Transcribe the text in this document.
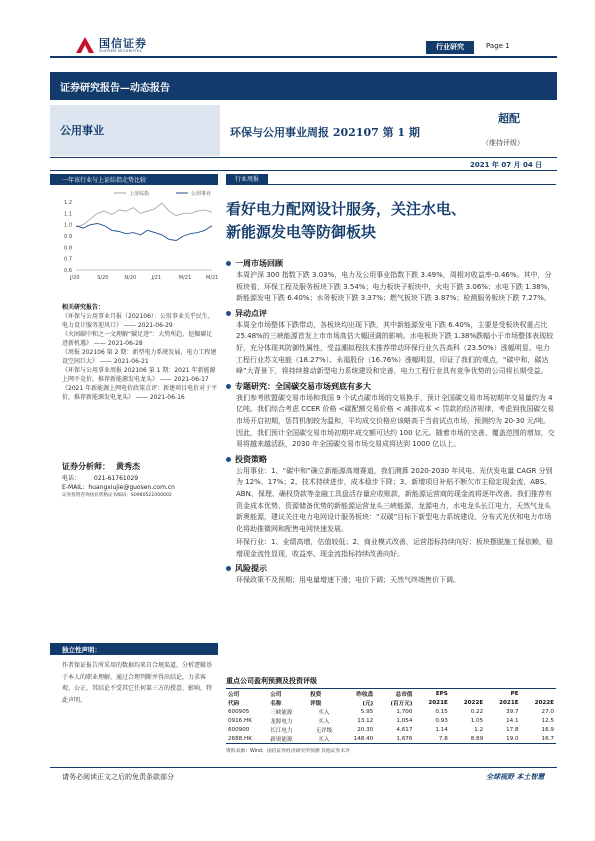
国信证券
GUOSEN SECURITIES	行业研究	Page 1
证券研究报告—动态报告
公用事业	环保与公用事业周报 202107 第 1 期
超配
（维持评级）
2021 年 07 月 04 日
一年该行业与上证综指走势比较
1.2
1.1
1.0
0.9
0.8
0.7
0.6
J/20	S/20	N/20	J/21	M/21	M/21
上证综指	公用事业
相关研究报告：
《环保与公用事业月报（202106）：公用事业关乎民生，电力设计服务迎风口》 —— 2021-06-29
《火困碳中和之一文理解“碳足迹”：大势所趋，挖掘碳足迹新机遇》 —— 2021-06-28
《周报 202106 第 2 期：新型电力系统发展，电力工程建设空间巨大》 —— 2021-06-21
《环保与公用事业周报 202106 第 1 期：2021 年新能源上网不竞价，推荐新能源发电龙头》 —— 2021-06-17
《2021 年新能源上网电价政策点评：新建项目电价对于平价，推荐新能源发电龙头》 —— 2021-06-16
证券分析师： 黄秀杰
电话： 021-61761029
E-MAIL: huangxiujie@guosen.com.cn
证券投资咨询执业资格证书编码：S0980521060002
独立性声明：
作者保证报告所采用的数据均来自合规渠道，分析逻辑基于本人的职业理解，通过合理判断并得出结论，力求客观、公正，其结论不受其它任何第三方的授意、影响，特此声明。
行业周报
看好电力配网设计服务，关注水电、
新能源发电等防御板块
一周市场回顾
本周沪深 300 指数下跌 3.03%，电力及公用事业指数下跌 3.49%，周相对收益率-0.46%。其中，分板块看，环保工程及服务板块下跌 3.54%；电力板块子板块中，火电下跌 3.06%；水电下跌 1.38%，新能源发电下跌 6.40%；水务板块下跌 3.37%；燃气板块下跌 3.87%；检测服务板块下跌 7.27%。
异动点评
本周全市场整体下跌带动，各板块均出现下跌，其中新能源发电下跌 6.40%，主要是受板块权重占比 25.48%的三峡能源首发上市市场高估大幅回调的影响。水电板块下跌 1.38%跌幅小于市场整体表现较好，充分体现其防御性属性，受益潮拟程技术推荐带动环保行业久吾高科（23.50%）涨幅明显。电力工程行业苏文电能（18.27%）、永福股份（16.76%）涨幅明显，印证了我们的观点，“碳中和，碳达峰”大背景下，将持续推动新型电力系统建设和完善，电力工程行业具有竞争优势的公司将长期受益。
专题研究：全国碳交易市场到底有多大
我们参考欧盟碳交易市场和我国 9 个试点碳市场的交易换手，预计全国碳交易市场初期年交易量约为 4 亿吨。我们综合考虑 CCER 价格 <碳配额交易价格 < 减排成本 < 罚款的经济规律，考虑到我国碳交易市场开启初期，惩罚机制较为温和，平均成交价格应该略高于当前试点市场，预测约为 20-30 元/吨。因此，我们预计全国碳交易市场初期年成交额可达约 100 亿元。随着市场的完善、覆盖范围的增加，交易将越来越活跃，2030 年全国碳交易市场交易成将达到 1000 亿以上。
投资策略
公用事业：1、“碳中和”确立新能源高增赛道，我们测算 2020-2030 年风电、光伏发电量 CAGR 分别为 12%、17%；2、技术持续进步，成本稳步下降；3、新增项目补贴不断欠市主稳定现金流，ABS、ABN、保理、确权贷款等金融工具盘活存量应收账款，新能源运营商的现金流将逐年改善。我们推荐有资金成本优势、资源储备优势的新能源运营龙头三峡能源、龙源电力，水电龙头长江电力，天然气龙头新奥能源，建议关注电力电网设计服务板块：“双碳”目标下新型电力系统建设、分布式光伏和电力市场化将助推微网和配售电网快速发展。
环保行业：1、业绩高增，估值较低；2、商业模式改善，运营指标持续向好；板块摆脱施工保依赖，稳增现金流性显现，收益率、现金流指标持续改善向好。
风险提示
环保政策不及预期；用电量增速下滑；电价下调；天然气终端售价下调。
重点公司盈利预测及投资评级
公司	公司	投资	昨收盘	总市值	EPS		PE	
代码	名称	评级	(元)	(百万元)	2021E	2022E	2021E	2022E
600905	三峡能源	买入	5.95	1,700	0.15	0.22	39.7	27.0
0916.HK	龙源电力	买入	13.12	1,054	0.93	1.05	14.1	12.5
600900	长江电力	无评级	20.30	4,617	1.14	1.2	17.8	16.9
2688.HK	新奥能源	买入	148.40	1,676	7.8	8.89	19.0	16.7
资料来源：Wind、国信证券经济研究所预测 其他证券未评
请务必阅读正文之后的免责条款部分	全球视野 本土智慧
